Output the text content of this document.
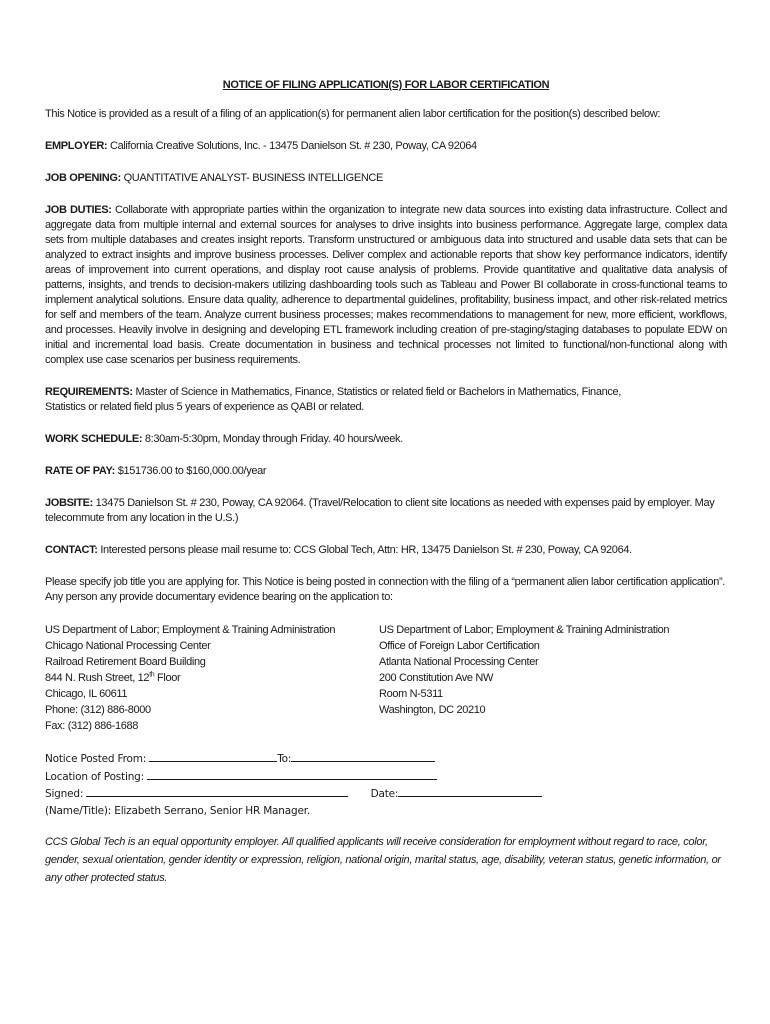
NOTICE OF FILING APPLICATION(S) FOR LABOR CERTIFICATION

This Notice is provided as a result of a filing of an application(s) for permanent alien labor certification for the position(s) described below:

EMPLOYER: California Creative Solutions, Inc. - 13475 Danielson St. # 230, Poway, CA 92064

JOB OPENING: QUANTITATIVE ANALYST- BUSINESS INTELLIGENCE

JOB DUTIES: Collaborate with appropriate parties within the organization to integrate new data sources into existing data infrastructure. Collect and aggregate data from multiple internal and external sources for analyses to drive insights into business performance. Aggregate large, complex data sets from multiple databases and creates insight reports. Transform unstructured or ambiguous data into structured and usable data sets that can be analyzed to extract insights and improve business processes. Deliver complex and actionable reports that show key performance indicators, identify areas of improvement into current operations, and display root cause analysis of problems. Provide quantitative and qualitative data analysis of patterns, insights, and trends to decision-makers utilizing dashboarding tools such as Tableau and Power BI collaborate in cross-functional teams to implement analytical solutions. Ensure data quality, adherence to departmental guidelines, profitability, business impact, and other risk-related metrics for self and members of the team. Analyze current business processes; makes recommendations to management for new, more efficient, workflows, and processes. Heavily involve in designing and developing ETL framework including creation of pre-staging/staging databases to populate EDW on initial and incremental load basis. Create documentation in business and technical processes not limited to functional/non-functional along with complex use case scenarios per business requirements.

REQUIREMENTS: Master of Science in Mathematics, Finance, Statistics or related field or Bachelors in Mathematics, Finance,
Statistics or related field plus 5 years of experience as QABI or related.

WORK SCHEDULE: 8:30am-5:30pm, Monday through Friday. 40 hours/week.

RATE OF PAY: $151736.00 to $160,000.00/year

JOBSITE: 13475 Danielson St. # 230, Poway, CA 92064. (Travel/Relocation to client site locations as needed with expenses paid by employer. May telecommute from any location in the U.S.)

CONTACT: Interested persons please mail resume to: CCS Global Tech, Attn: HR, 13475 Danielson St. # 230, Poway, CA 92064.

Please specify job title you are applying for. This Notice is being posted in connection with the filing of a “permanent alien labor certification application”. Any person any provide documentary evidence bearing on the application to:

US Department of Labor; Employment & Training Administration
Chicago National Processing Center
Railroad Retirement Board Building
844 N. Rush Street, 12th Floor
Chicago, IL 60611
Phone: (312) 886-8000
Fax: (312) 886-1688
US Department of Labor; Employment & Training Administration
Office of Foreign Labor Certification
Atlanta National Processing Center
200 Constitution Ave NW
Room N-5311
Washington, DC 20210
Notice Posted From:	To:
Location of Posting:
Signed:	Date:
(Name/Title): Elizabeth Serrano, Senior HR Manager.

CCS Global Tech is an equal opportunity employer. All qualified applicants will receive consideration for employment without regard to race, color, gender, sexual orientation, gender identity or expression, religion, national origin, marital status, age, disability, veteran status, genetic information, or any other protected status.
